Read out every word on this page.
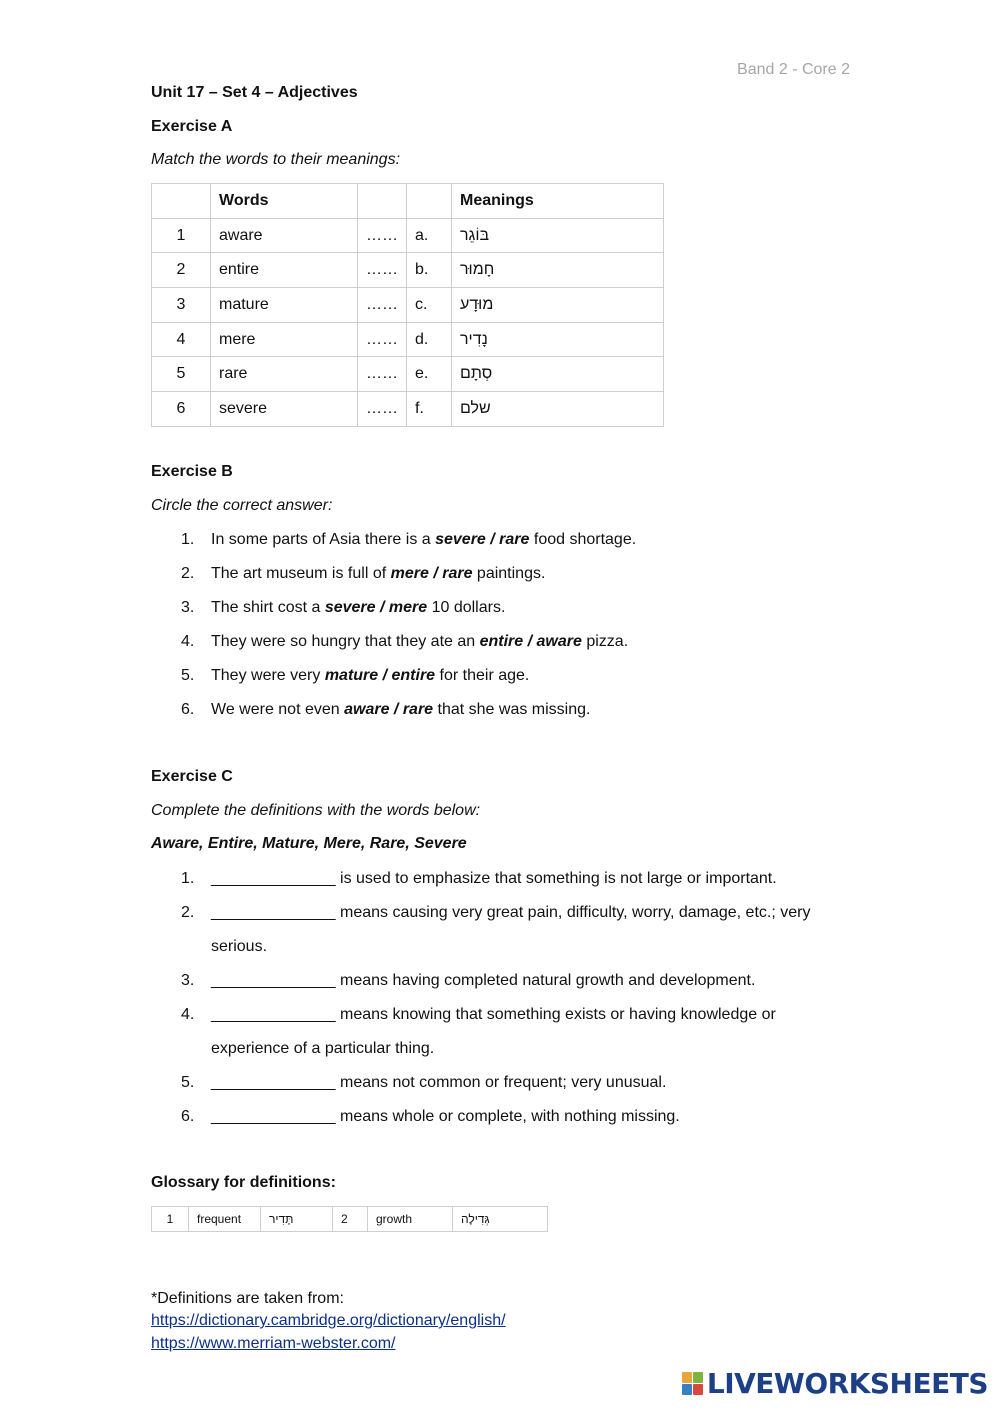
Band 2 - Core 2
Unit 17 – Set 4 – Adjectives
Exercise A
Match the words to their meanings:
	Words			Meanings
1	aware	……	a.	בּוֹגֵר
2	entire	……	b.	חָמוּר
3	mature	……	c.	מוּדָע
4	mere	……	d.	נָדִיר
5	rare	……	e.	סְתָם
6	severe	……	f.	שלם
Exercise B
Circle the correct answer:
1. In some parts of Asia there is a severe / rare food shortage.
2. The art museum is full of mere / rare paintings.
3. The shirt cost a severe / mere 10 dollars.
4. They were so hungry that they ate an entire / aware pizza.
5. They were very mature / entire for their age.
6. We were not even aware / rare that she was missing.
Exercise C
Complete the definitions with the words below:
Aware, Entire, Mature, Mere, Rare, Severe
1. ______________ is used to emphasize that something is not large or important.
2. ______________ means causing very great pain, difficulty, worry, damage, etc.; very serious.
3. ______________ means having completed natural growth and development.
4. ______________ means knowing that something exists or having knowledge or experience of a particular thing.
5. ______________ means not common or frequent; very unusual.
6. ______________ means whole or complete, with nothing missing.
Glossary for definitions:
1	frequent	תָּדִיר	2	growth	גְּדִילָה
*Definitions are taken from:
https://dictionary.cambridge.org/dictionary/english/
https://www.merriam-webster.com/
LIVEWORKSHEETS
